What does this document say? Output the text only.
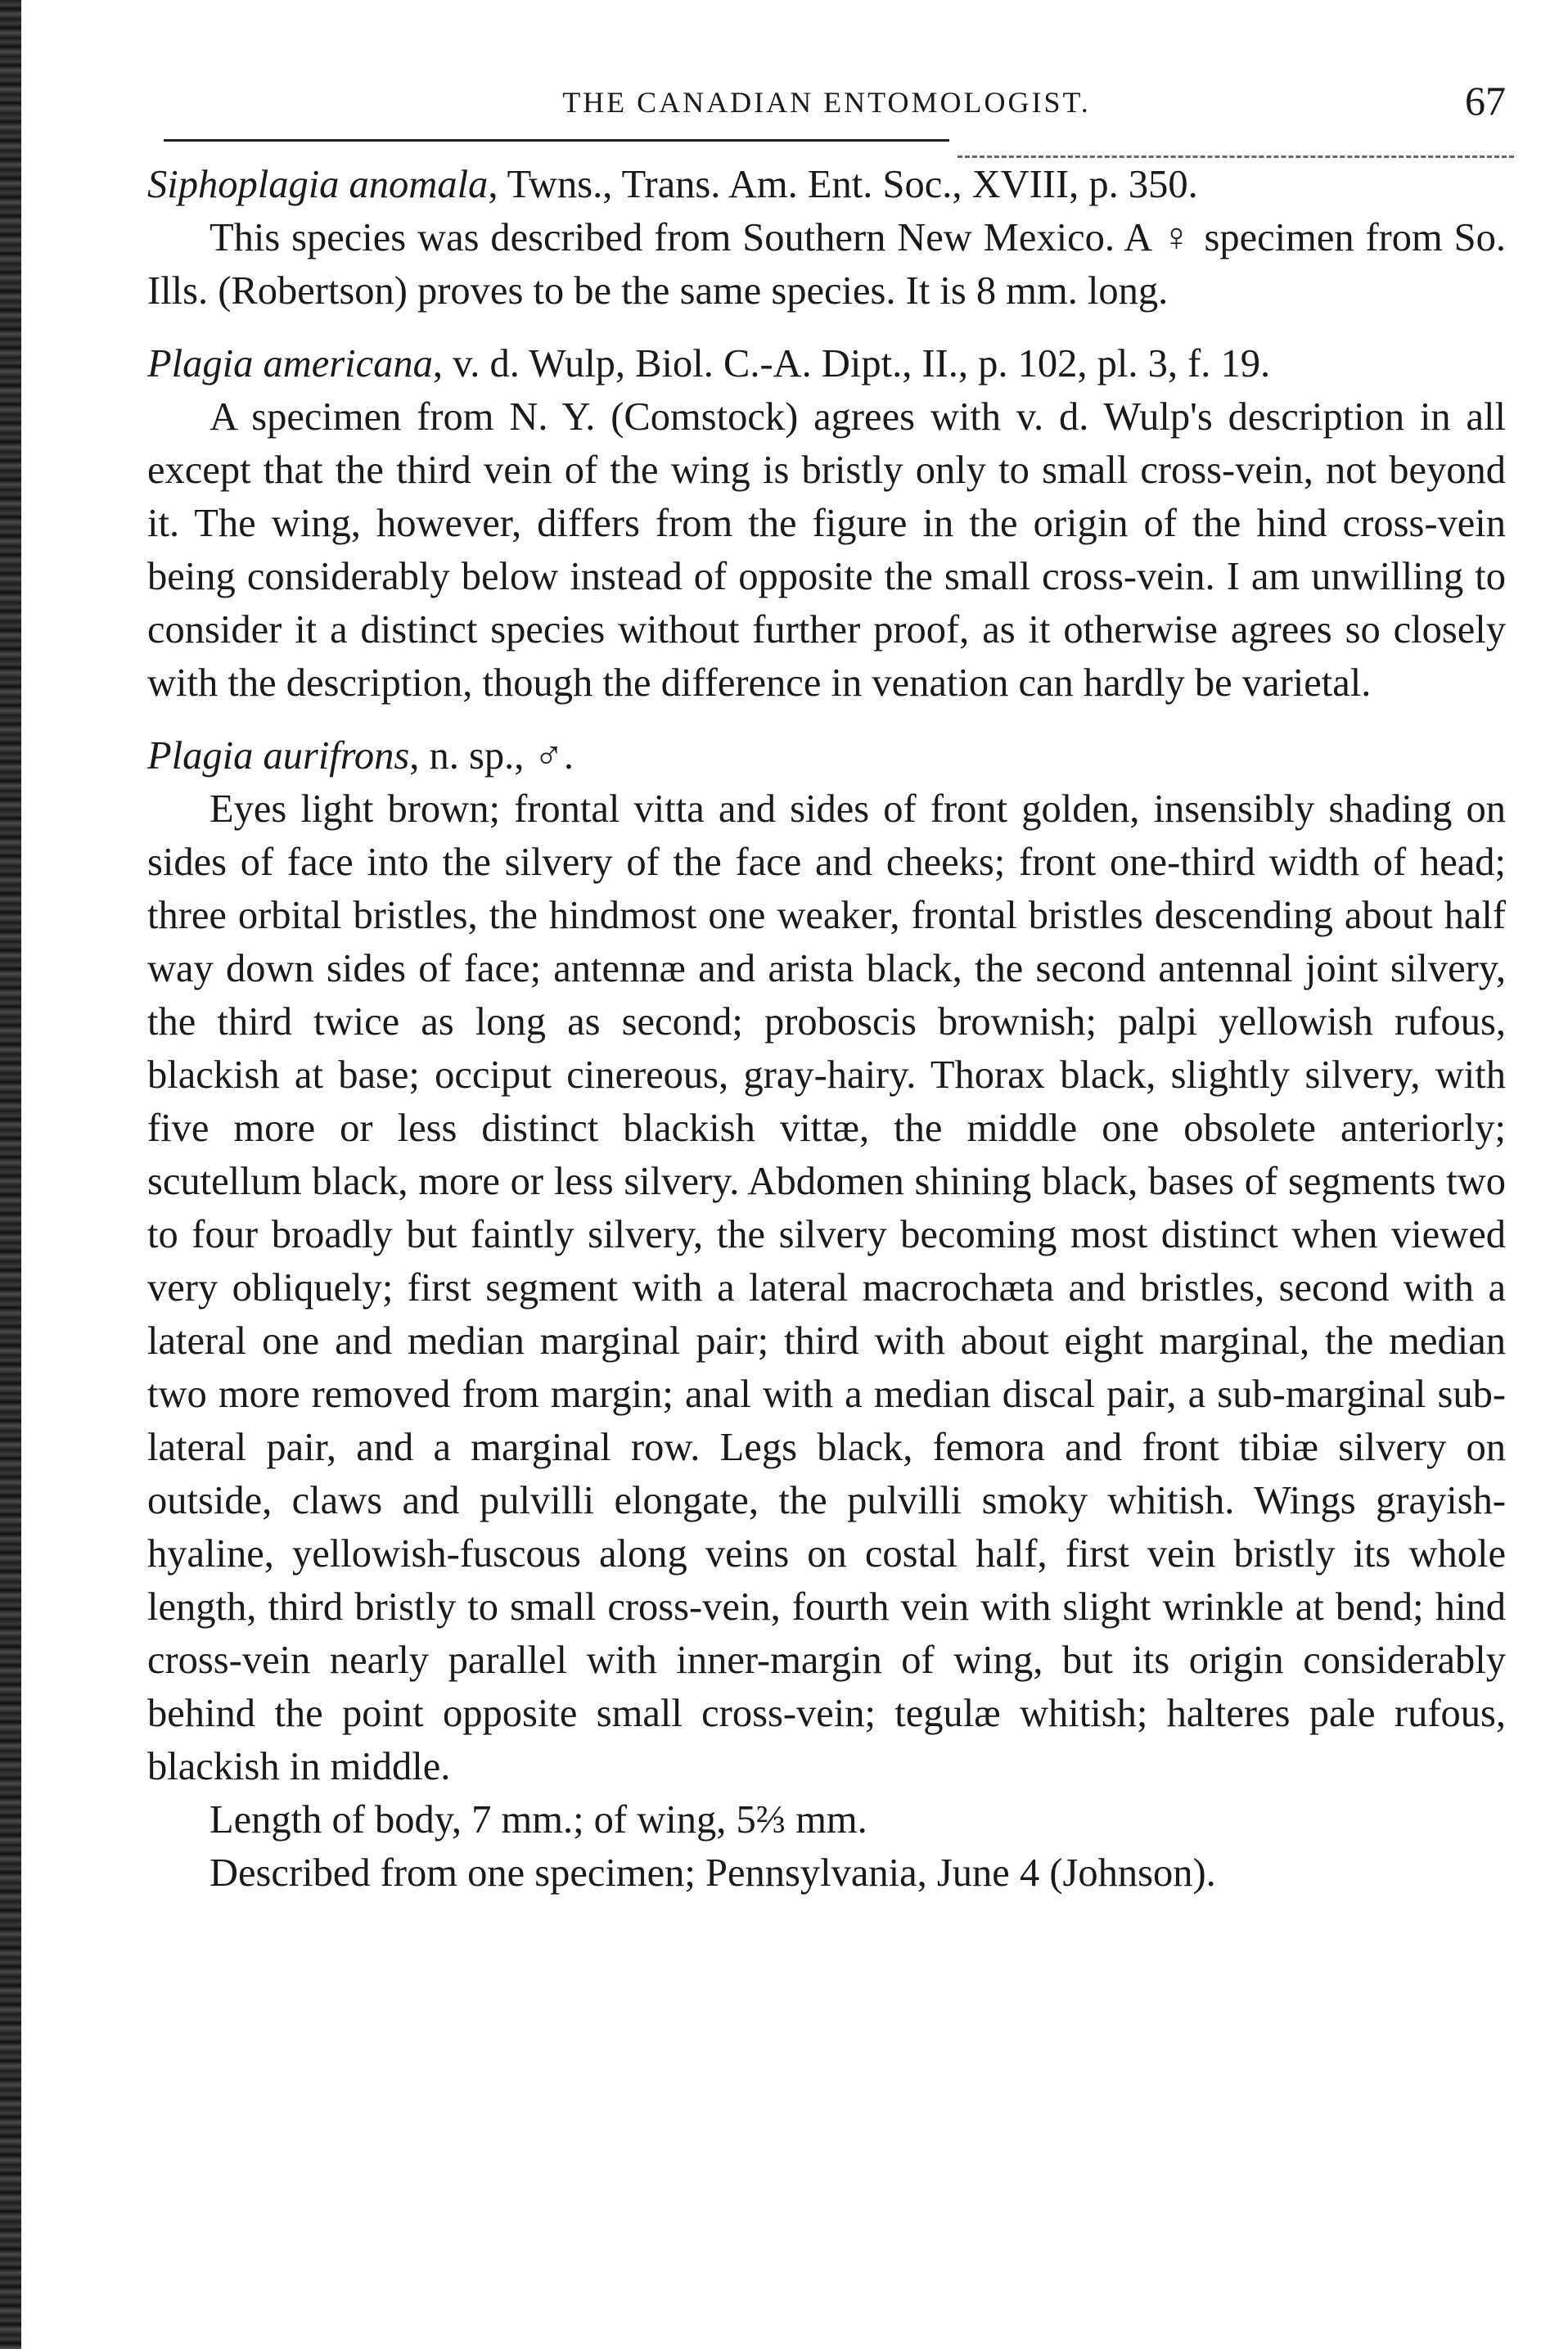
THE CANADIAN ENTOMOLOGIST.	67

Siphoplagia anomala, Twns., Trans. Am. Ent. Soc., XVIII, p. 350.

This species was described from Southern New Mexico. A ♀ specimen from So. Ills. (Robertson) proves to be the same species. It is 8 mm. long.

Plagia americana, v. d. Wulp, Biol. C.-A. Dipt., II., p. 102, pl. 3, f. 19.

A specimen from N. Y. (Comstock) agrees with v. d. Wulp's description in all except that the third vein of the wing is bristly only to small cross-vein, not beyond it. The wing, however, differs from the figure in the origin of the hind cross-vein being considerably below instead of opposite the small cross-vein. I am unwilling to consider it a distinct species without further proof, as it otherwise agrees so closely with the description, though the difference in venation can hardly be varietal.

Plagia aurifrons, n. sp., ♂.

Eyes light brown; frontal vitta and sides of front golden, insensibly shading on sides of face into the silvery of the face and cheeks; front one-third width of head; three orbital bristles, the hindmost one weaker, frontal bristles descending about half way down sides of face; antennæ and arista black, the second antennal joint silvery, the third twice as long as second; proboscis brownish; palpi yellowish rufous, blackish at base; occiput cinereous, gray-hairy. Thorax black, slightly silvery, with five more or less distinct blackish vittæ, the middle one obsolete anteriorly; scutellum black, more or less silvery. Abdomen shining black, bases of segments two to four broadly but faintly silvery, the silvery becoming most distinct when viewed very obliquely; first segment with a lateral macrochæta and bristles, second with a lateral one and median marginal pair; third with about eight marginal, the median two more removed from margin; anal with a median discal pair, a sub-marginal sub-lateral pair, and a marginal row. Legs black, femora and front tibiæ silvery on outside, claws and pulvilli elongate, the pulvilli smoky whitish. Wings grayish-hyaline, yellowish-fuscous along veins on costal half, first vein bristly its whole length, third bristly to small cross-vein, fourth vein with slight wrinkle at bend; hind cross-vein nearly parallel with inner-margin of wing, but its origin considerably behind the point opposite small cross-vein; tegulæ whitish; halteres pale rufous, blackish in middle.

Length of body, 7 mm.; of wing, 5⅔ mm.

Described from one specimen; Pennsylvania, June 4 (Johnson).
